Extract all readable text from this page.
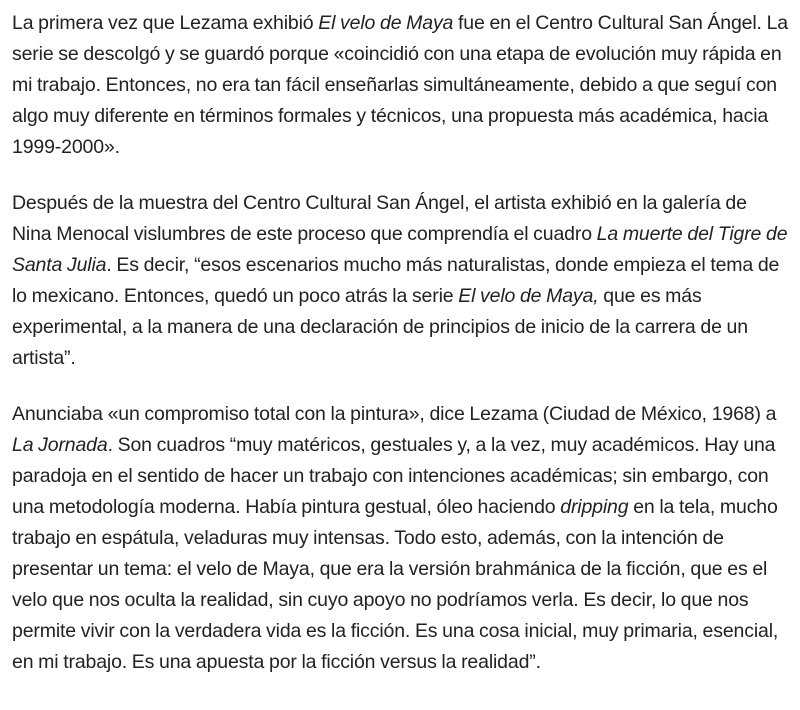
La primera vez que Lezama exhibió El velo de Maya fue en el Centro Cultural San Ángel. La serie se descolgó y se guardó porque «coincidió con una etapa de evolución muy rápida en mi trabajo. Entonces, no era tan fácil enseñarlas simultáneamente, debido a que seguí con algo muy diferente en términos formales y técnicos, una propuesta más académica, hacia 1999-2000».

Después de la muestra del Centro Cultural San Ángel, el artista exhibió en la galería de Nina Menocal vislumbres de este proceso que comprendía el cuadro La muerte del Tigre de Santa Julia. Es decir, “esos escenarios mucho más naturalistas, donde empieza el tema de lo mexicano. Entonces, quedó un poco atrás la serie El velo de Maya, que es más experimental, a la manera de una declaración de principios de inicio de la carrera de un artista”.

Anunciaba «un compromiso total con la pintura», dice Lezama (Ciudad de México, 1968) a La Jornada. Son cuadros “muy matéricos, gestuales y, a la vez, muy académicos. Hay una paradoja en el sentido de hacer un trabajo con intenciones académicas; sin embargo, con una metodología moderna. Había pintura gestual, óleo haciendo dripping en la tela, mucho trabajo en espátula, veladuras muy intensas. Todo esto, además, con la intención de presentar un tema: el velo de Maya, que era la versión brahmánica de la ficción, que es el velo que nos oculta la realidad, sin cuyo apoyo no podríamos verla. Es decir, lo que nos permite vivir con la verdadera vida es la ficción. Es una cosa inicial, muy primaria, esencial, en mi trabajo. Es una apuesta por la ficción versus la realidad”.
